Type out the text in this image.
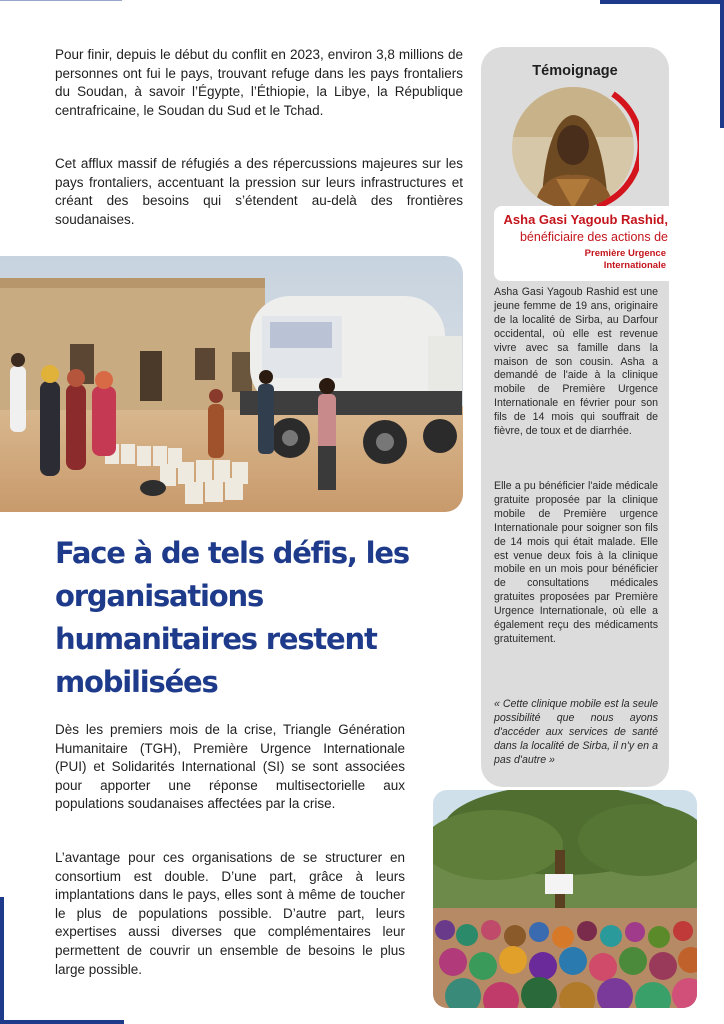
Pour finir, depuis le début du conflit en 2023, environ 3,8 millions de personnes ont fui le pays, trouvant refuge dans les pays frontaliers du Soudan, à savoir l’Égypte, l’Éthiopie, la Libye, la République centrafricaine, le Soudan du Sud et le Tchad.

Cet afflux massif de réfugiés a des répercussions majeures sur les pays frontaliers, accentuant la pression sur leurs infrastructures et créant des besoins qui s’étendent au-delà des frontières soudanaises.

Face à de tels défis, les organisations humanitaires restent mobilisées

Dès les premiers mois de la crise, Triangle Génération Humanitaire (TGH), Première Urgence Internationale (PUI) et Solidarités International (SI) se sont associées pour apporter une réponse multisectorielle aux populations soudanaises affectées par la crise.

L’avantage pour ces organisations de se structurer en consortium est double. D’une part, grâce à leurs implantations dans le pays, elles sont à même de toucher le plus de populations possible. D’autre part, leurs expertises aussi diverses que complémentaires leur permettent de couvrir un ensemble de besoins le plus large possible.

Témoignage

Asha Gasi Yagoub Rashid,

bénéficiaire des actions de

Première Urgence

Internationale

Asha Gasi Yagoub Rashid est une jeune femme de 19 ans, originaire de la localité de Sirba, au Darfour occidental, où elle est revenue vivre avec sa famille dans la maison de son cousin. Asha a demandé de l'aide à la clinique mobile de Première Urgence Internationale en février pour son fils de 14 mois qui souffrait de fièvre, de toux et de diarrhée.

Elle a pu bénéficier l'aide médicale gratuite proposée par la clinique mobile de Première urgence Internationale pour soigner son fils de 14 mois qui était malade. Elle est venue deux fois à la clinique mobile en un mois pour bénéficier de consultations médicales gratuites proposées par Première Urgence Internationale, où elle a également reçu des médicaments gratuitement.

« Cette clinique mobile est la seule possibilité que nous ayons d'accéder aux services de santé dans la localité de Sirba, il n'y en a pas d'autre »
